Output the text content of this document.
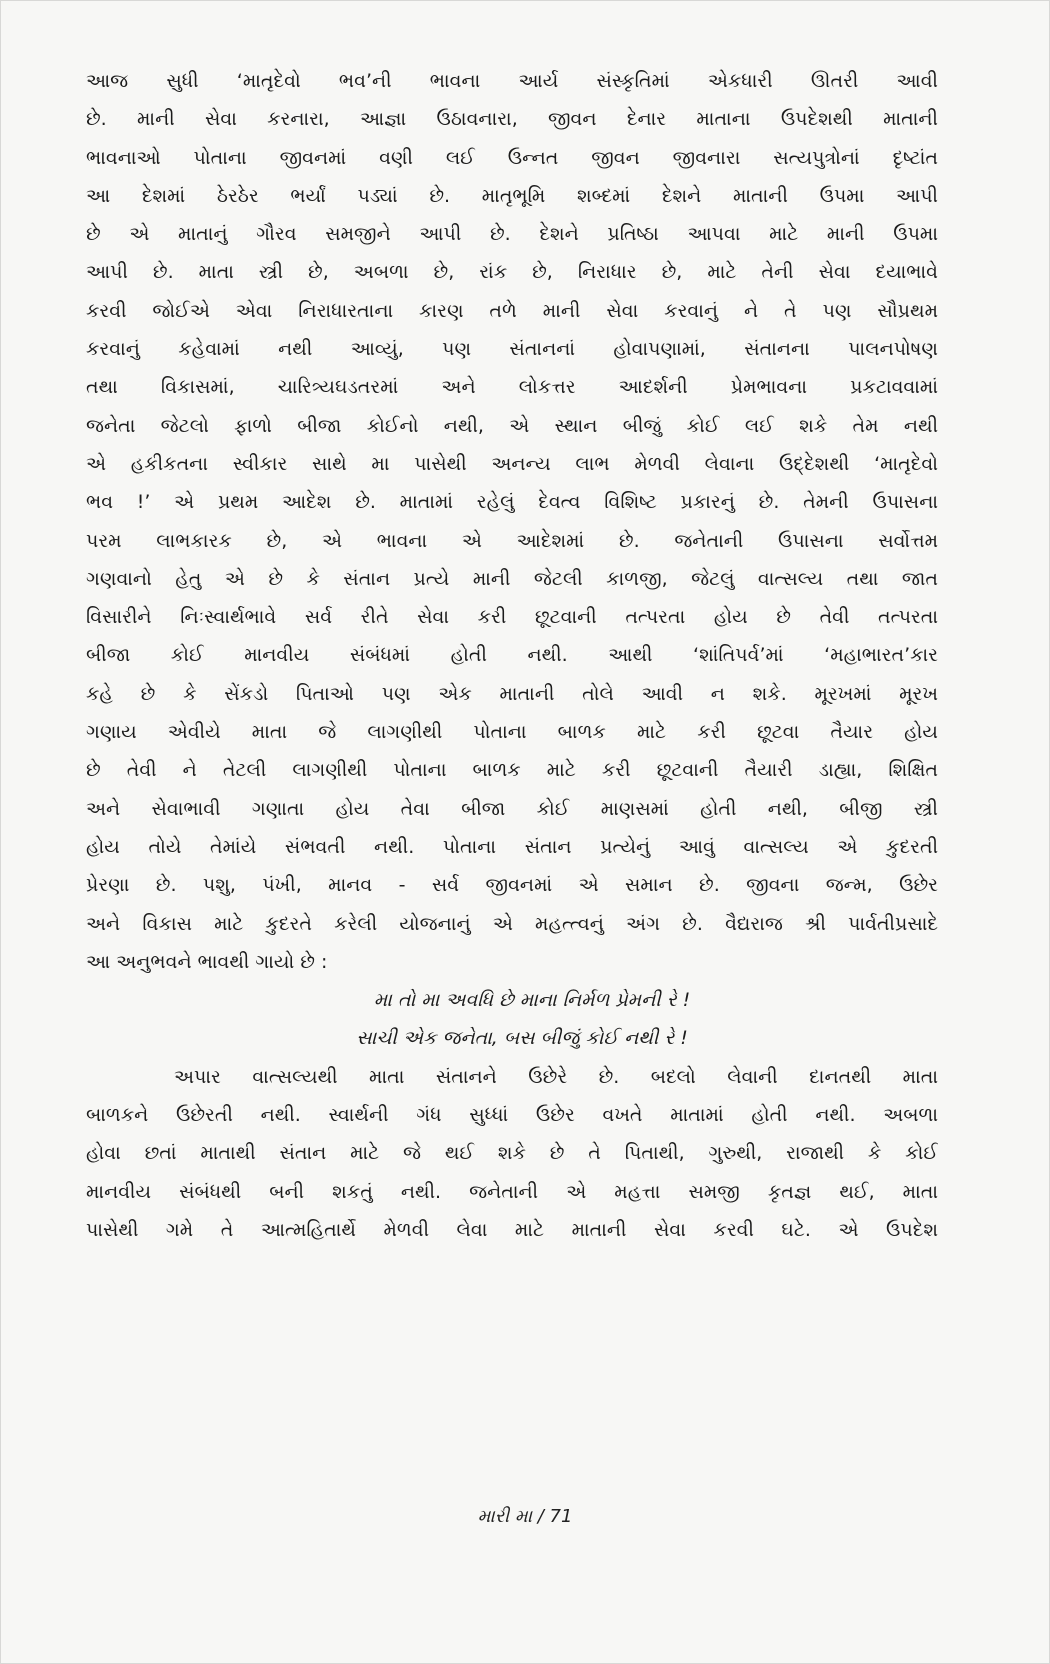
આજ સુધી ‘માતૃદેવો ભવ’ની ભાવના આર્ય સંસ્કૃતિમાં એકધારી ઊતરી આવી
છે. માની સેવા કરનારા, આજ્ઞા ઉઠાવનારા, જીવન દેનાર માતાના ઉપદેશથી માતાની
ભાવનાઓ પોતાના જીવનમાં વણી લઈ ઉન્નત જીવન જીવનારા સત્યપુત્રોનાં દૃષ્ટાંત
આ દેશમાં ઠેરઠેર ભર્યાં પડ્યાં છે. માતૃભૂમિ શબ્દમાં દેશને માતાની ઉપમા આપી
છે એ માતાનું ગૌરવ સમજીને આપી છે. દેશને પ્રતિષ્ઠા આપવા માટે માની ઉપમા
આપી છે. માતા સ્ત્રી છે, અબળા છે, રાંક છે, નિરાધાર છે, માટે તેની સેવા દયાભાવે
કરવી જોઈએ એવા નિરાધારતાના કારણ તળે માની સેવા કરવાનું ને તે પણ સૌપ્રથમ
કરવાનું કહેવામાં નથી આવ્યું, પણ સંતાનનાં હોવાપણામાં, સંતાનના પાલનપોષણ
તથા વિકાસમાં, ચારિત્ર્યઘડતરમાં અને લોકત્તર આદર્શની પ્રેમભાવના પ્રકટાવવામાં
જનેતા જેટલો ફાળો બીજા કોઈનો નથી, એ સ્થાન બીજું કોઈ લઈ શકે તેમ નથી
એ હકીકતના સ્વીકાર સાથે મા પાસેથી અનન્ય લાભ મેળવી લેવાના ઉદ્દેશથી ‘માતૃદેવો
ભવ !’ એ પ્રથમ આદેશ છે. માતામાં રહેલું દેવત્વ વિશિષ્ટ પ્રકારનું છે. તેમની ઉપાસના
પરમ લાભકારક છે, એ ભાવના એ આદેશમાં છે. જનેતાની ઉપાસના સર્વોત્તમ
ગણવાનો હેતુ એ છે કે સંતાન પ્રત્યે માની જેટલી કાળજી, જેટલું વાત્સલ્ય તથા જાત
વિસારીને નિઃસ્વાર્થભાવે સર્વ રીતે સેવા કરી છૂટવાની તત્પરતા હોય છે તેવી તત્પરતા
બીજા કોઈ માનવીય સંબંધમાં હોતી નથી. આથી ‘શાંતિપર્વ’માં ‘મહાભારત’કાર
કહે છે કે સેંકડો પિતાઓ પણ એક માતાની તોલે આવી ન શકે. મૂરખમાં મૂરખ
ગણાય એવીયે માતા જે લાગણીથી પોતાના બાળક માટે કરી છૂટવા તૈયાર હોય
છે તેવી ને તેટલી લાગણીથી પોતાના બાળક માટે કરી છૂટવાની તૈયારી ડાહ્યા, શિક્ષિત
અને સેવાભાવી ગણાતા હોય તેવા બીજા કોઈ માણસમાં હોતી નથી, બીજી સ્ત્રી
હોય તોયે તેમાંયે સંભવતી નથી. પોતાના સંતાન પ્રત્યેનું આવું વાત્સલ્ય એ કુદરતી
પ્રેરણા છે. પશુ, પંખી, માનવ - સર્વ જીવનમાં એ સમાન છે. જીવના જન્મ, ઉછેર
અને વિકાસ માટે કુદરતે કરેલી યોજનાનું એ મહત્ત્વનું અંગ છે. વૈદ્યરાજ શ્રી પાર્વતીપ્રસાદે
આ અનુભવને ભાવથી ગાયો છે :
મા તો મા અવધિ છે માના નિર્મળ પ્રેમની રે !
સાચી એક જનેતા, બસ બીજું કોઈ નથી રે !
અપાર વાત્સલ્યથી માતા સંતાનને ઉછેરે છે. બદલો લેવાની દાનતથી માતા
બાળકને ઉછેરતી નથી. સ્વાર્થની ગંધ સુધ્ધાં ઉછેર વખતે માતામાં હોતી નથી. અબળા
હોવા છતાં માતાથી સંતાન માટે જે થઈ શકે છે તે પિતાથી, ગુરુથી, રાજાથી કે કોઈ
માનવીય સંબંધથી બની શકતું નથી. જનેતાની એ મહત્તા સમજી કૃતજ્ઞ થઈ, માતા
પાસેથી ગમે તે આત્મહિતાર્થે મેળવી લેવા માટે માતાની સેવા કરવી ઘટે. એ ઉપદેશ
મારી મા / 71
